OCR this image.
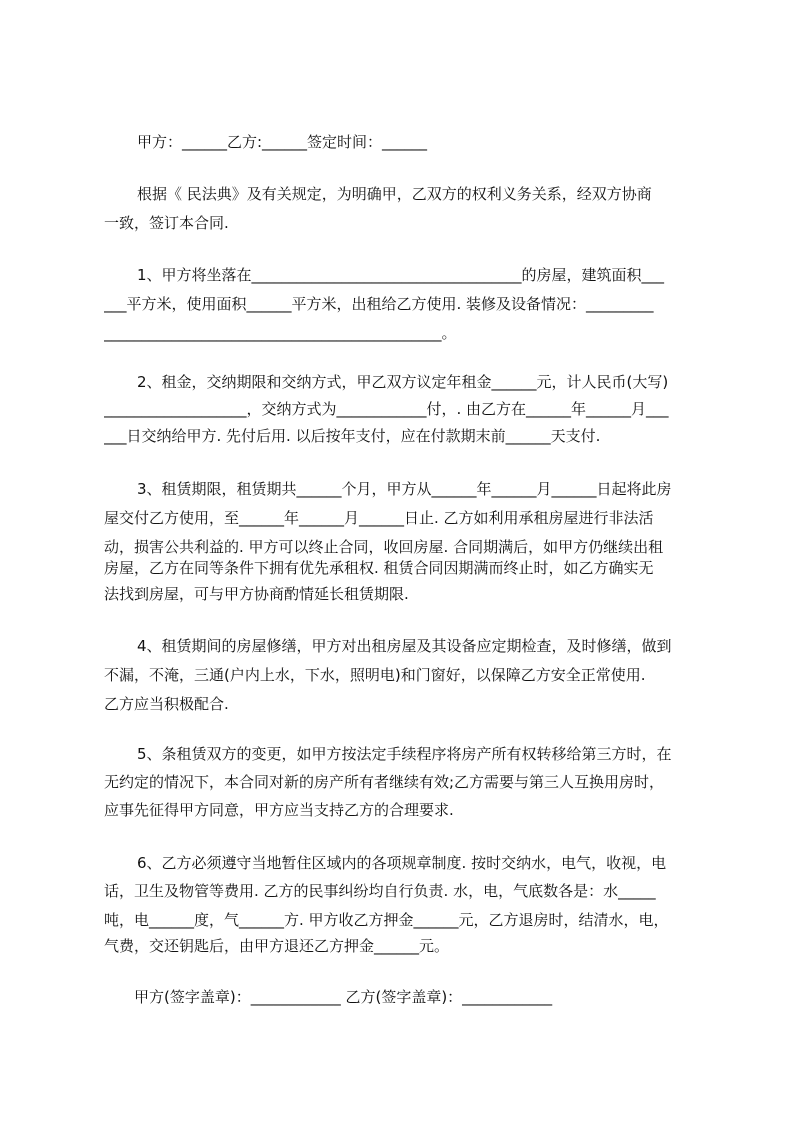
甲方：______乙方:______签定时间：______
根据《 民法典》及有关规定，为明确甲，乙双方的权利义务关系，经双方协商
一致，签订本合同.
1、甲方将坐落在____________________________________的房屋，建筑面积___
___平方米，使用面积______平方米，出租给乙方使用. 装修及设备情况：_________
_____________________________________________。
2、租金，交纳期限和交纳方式，甲乙双方议定年租金______元，计人民币(大写)
___________________，交纳方式为____________付，. 由乙方在______年______月___
___日交纳给甲方. 先付后用. 以后按年支付，应在付款期末前______天支付.
3、租赁期限，租赁期共______个月，甲方从______年______月______日起将此房
屋交付乙方使用，至______年______月______日止. 乙方如利用承租房屋进行非法活
动，损害公共利益的. 甲方可以终止合同，收回房屋. 合同期满后，如甲方仍继续出租
房屋，乙方在同等条件下拥有优先承租权. 租赁合同因期满而终止时，如乙方确实无
法找到房屋，可与甲方协商酌情延长租赁期限.
4、租赁期间的房屋修缮，甲方对出租房屋及其设备应定期检查，及时修缮，做到
不漏，不淹，三通(户内上水，下水，照明电)和门窗好，以保障乙方安全正常使用.
乙方应当积极配合.
5、条租赁双方的变更，如甲方按法定手续程序将房产所有权转移给第三方时，在
无约定的情况下，本合同对新的房产所有者继续有效;乙方需要与第三人互换用房时，
应事先征得甲方同意，甲方应当支持乙方的合理要求.
6、乙方必须遵守当地暂住区域内的各项规章制度. 按时交纳水，电气，收视，电
话，卫生及物管等费用. 乙方的民事纠纷均自行负责. 水，电，气底数各是：水_____
吨，电______度，气______方. 甲方收乙方押金______元，乙方退房时，结清水，电，
气费，交还钥匙后，由甲方退还乙方押金______元。
甲方(签字盖章)：____________ 乙方(签字盖章)：____________
